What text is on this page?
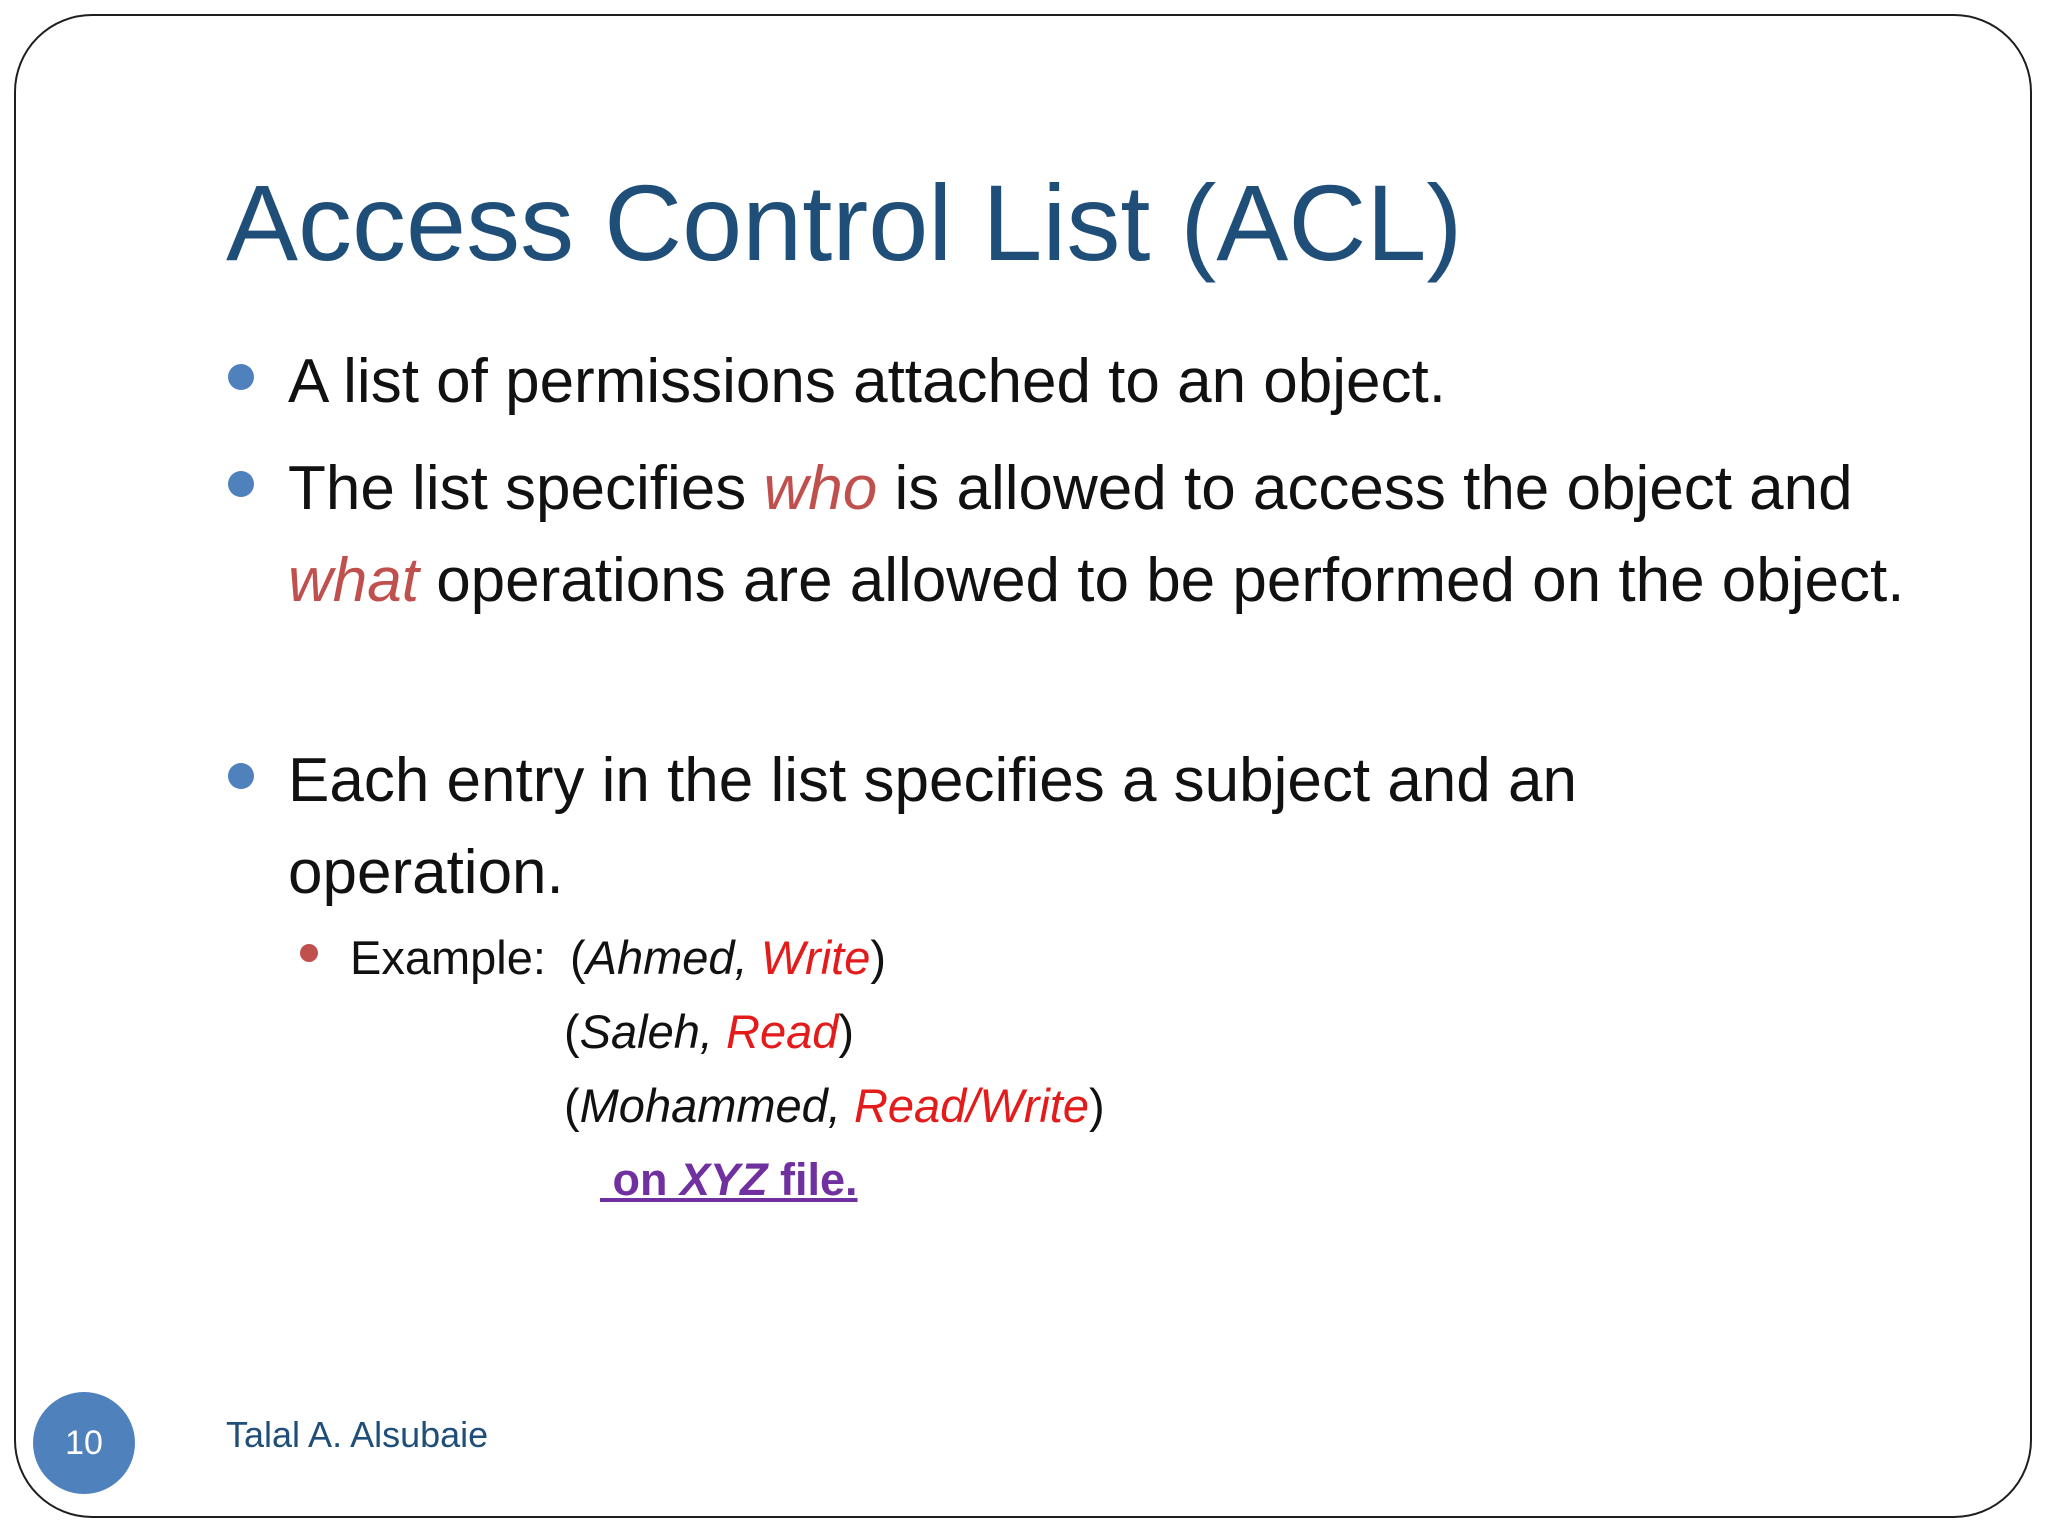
Access Control List (ACL)
A list of permissions attached to an object.
The list specifies who is allowed to access the object and what operations are allowed to be performed on the object.
Each entry in the list specifies a subject and an operation.
Example: (Ahmed, Write)
(Saleh, Read)
(Mohammed, Read/Write)
on XYZ file.
10	Talal A. Alsubaie
